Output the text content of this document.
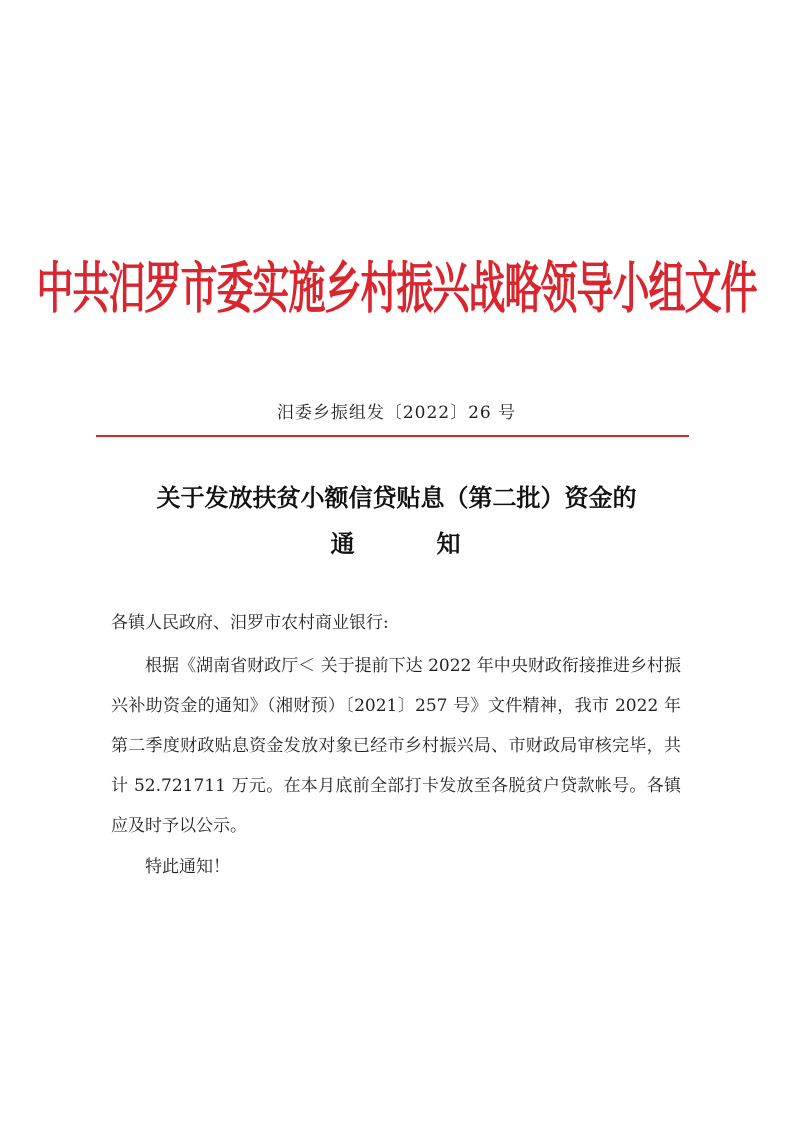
中共汨罗市委实施乡村振兴战略领导小组文件
汨委乡振组发〔2022〕26 号
关于发放扶贫小额信贷贴息（第二批）资金的
通	知

各镇人民政府、汨罗市农村商业银行:

根据《湖南省财政厅＜ 关于提前下达 2022 年中央财政衔接推进乡村振兴补助资金的通知》（湘财预）〔2021〕257 号》文件精神，我市 2022 年第二季度财政贴息资金发放对象已经市乡村振兴局、市财政局审核完毕，共计 52.721711 万元。在本月底前全部打卡发放至各脱贫户贷款帐号。各镇应及时予以公示。

特此通知！
